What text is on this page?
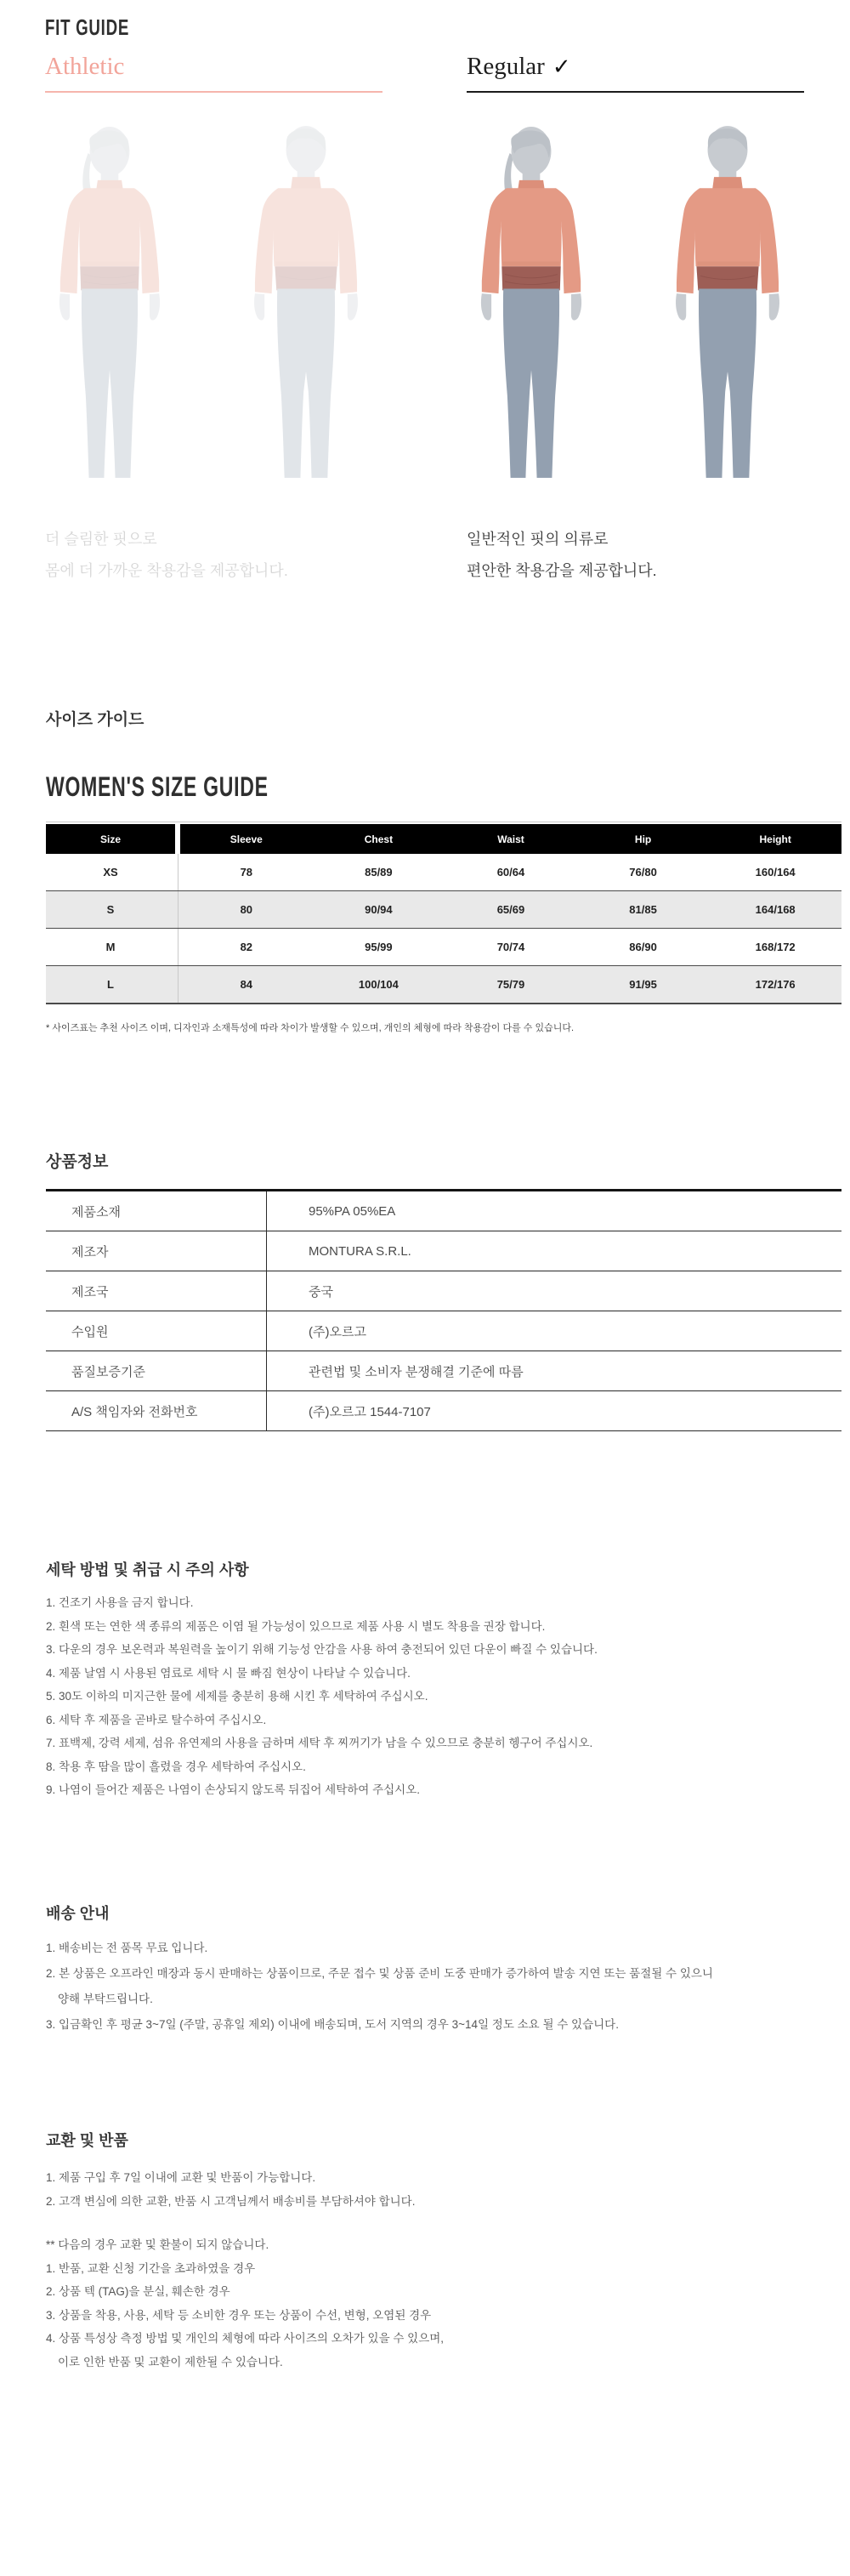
FIT GUIDE
Athletic
더 슬림한 핏으로
몸에 더 가까운 착용감을 제공합니다.
Regular ✓
일반적인 핏의 의류로
편안한 착용감을 제공합니다.
사이즈 가이드
WOMEN'S SIZE GUIDE
Size	Sleeve	Chest	Waist	Hip	Height
XS	78	85/89	60/64	76/80	160/164
S	80	90/94	65/69	81/85	164/168
M	82	95/99	70/74	86/90	168/172
L	84	100/104	75/79	91/95	172/176
* 사이즈표는 추천 사이즈 이며, 디자인과 소재특성에 따라 차이가 발생할 수 있으며, 개인의 체형에 따라 착용감이 다를 수 있습니다.
상품정보
제품소재	95%PA 05%EA
제조자	MONTURA S.R.L.
제조국	중국
수입원	(주)오르고
품질보증기준	관련법 및 소비자 분쟁해결 기준에 따름
A/S 책임자와 전화번호	(주)오르고 1544-7107
세탁 방법 및 취급 시 주의 사항
1. 건조기 사용을 금지 합니다.
2. 흰색 또는 연한 색 종류의 제품은 이염 될 가능성이 있으므로 제품 사용 시 별도 착용을 권장 합니다.
3. 다운의 경우 보온력과 복원력을 높이기 위해 기능성 안감을 사용 하여 충전되어 있던 다운이 빠질 수 있습니다.
4. 제품 날염 시 사용된 염료로 세탁 시 물 빠짐 현상이 나타날 수 있습니다.
5. 30도 이하의 미지근한 물에 세제를 충분히 용해 시킨 후 세탁하여 주십시오.
6. 세탁 후 제품을 곧바로 탈수하여 주십시오.
7. 표백제, 강력 세제, 섬유 유연제의 사용을 금하며 세탁 후 찌꺼기가 남을 수 있으므로 충분히 헹구어 주십시오.
8. 착용 후 땀을 많이 흘렸을 경우 세탁하여 주십시오.
9. 나염이 들어간 제품은 나염이 손상되지 않도록 뒤집어 세탁하여 주십시오.
배송 안내
1. 배송비는 전 품목 무료 입니다.
2. 본 상품은 오프라인 매장과 동시 판매하는 상품이므로, 주문 접수 및 상품 준비 도중 판매가 증가하여 발송 지연 또는 품절될 수 있으니
양해 부탁드립니다.
3. 입금확인 후 평균 3~7일 (주말, 공휴일 제외) 이내에 배송되며, 도서 지역의 경우 3~14일 정도 소요 될 수 있습니다.
교환 및 반품
1. 제품 구입 후 7일 이내에 교환 및 반품이 가능합니다.
2. 고객 변심에 의한 교환, 반품 시 고객님께서 배송비를 부담하셔야 합니다.
** 다음의 경우 교환 및 환불이 되지 않습니다.
1. 반품, 교환 신청 기간을 초과하였을 경우
2. 상품 텍 (TAG)을 분실, 훼손한 경우
3. 상품을 착용, 사용, 세탁 등 소비한 경우 또는 상품이 수선, 변형, 오염된 경우
4. 상품 특성상 측정 방법 및 개인의 체형에 따라 사이즈의 오차가 있을 수 있으며,
이로 인한 반품 및 교환이 제한될 수 있습니다.
